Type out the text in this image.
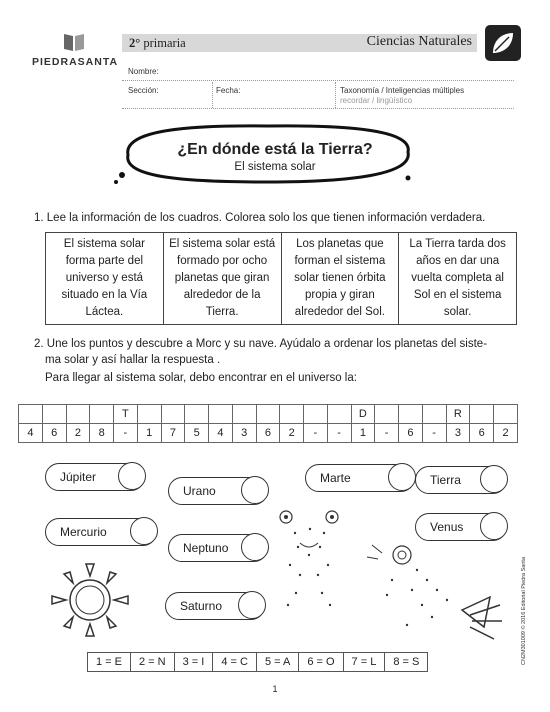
PIEDRASANTA
2° primaria	Ciencias Naturales
Nombre:
Sección:	Fecha:	Taxonomía / Inteligencias múltiples
recordar / lingüístico
¿En dónde está la Tierra?
El sistema solar
1. Lee la información de los cuadros. Colorea solo los que tienen información verdadera.
El sistema solar forma parte del universo y está situado en la Vía Láctea.	El sistema solar está formado por ocho planetas que giran alrededor de la Tierra.	Los planetas que forman el sistema solar tienen órbita propia y giran alrededor del Sol.	La Tierra tarda dos años en dar una vuelta completa al Sol en el sistema solar.
2. Une los puntos y descubre a Morc y su nave. Ayúdalo a ordenar los planetas del siste-
ma solar y así hallar la respuesta .
Para llegar al sistema solar, debo encontrar en el universo la:
				T										D				R		
4	6	2	8	-	1	7	5	4	3	6	2	-	-	1	-	6	-	3	6	2
Júpiter
Urano
Marte	Tierra
Mercurio
Neptuno
Venus
Saturno
1 = E	2 = N	3 = I	4 = C	5 = A	6 = O	7 = L	8 = S
1
CN2M301009 © 2016 Editorial Piedra Santa
